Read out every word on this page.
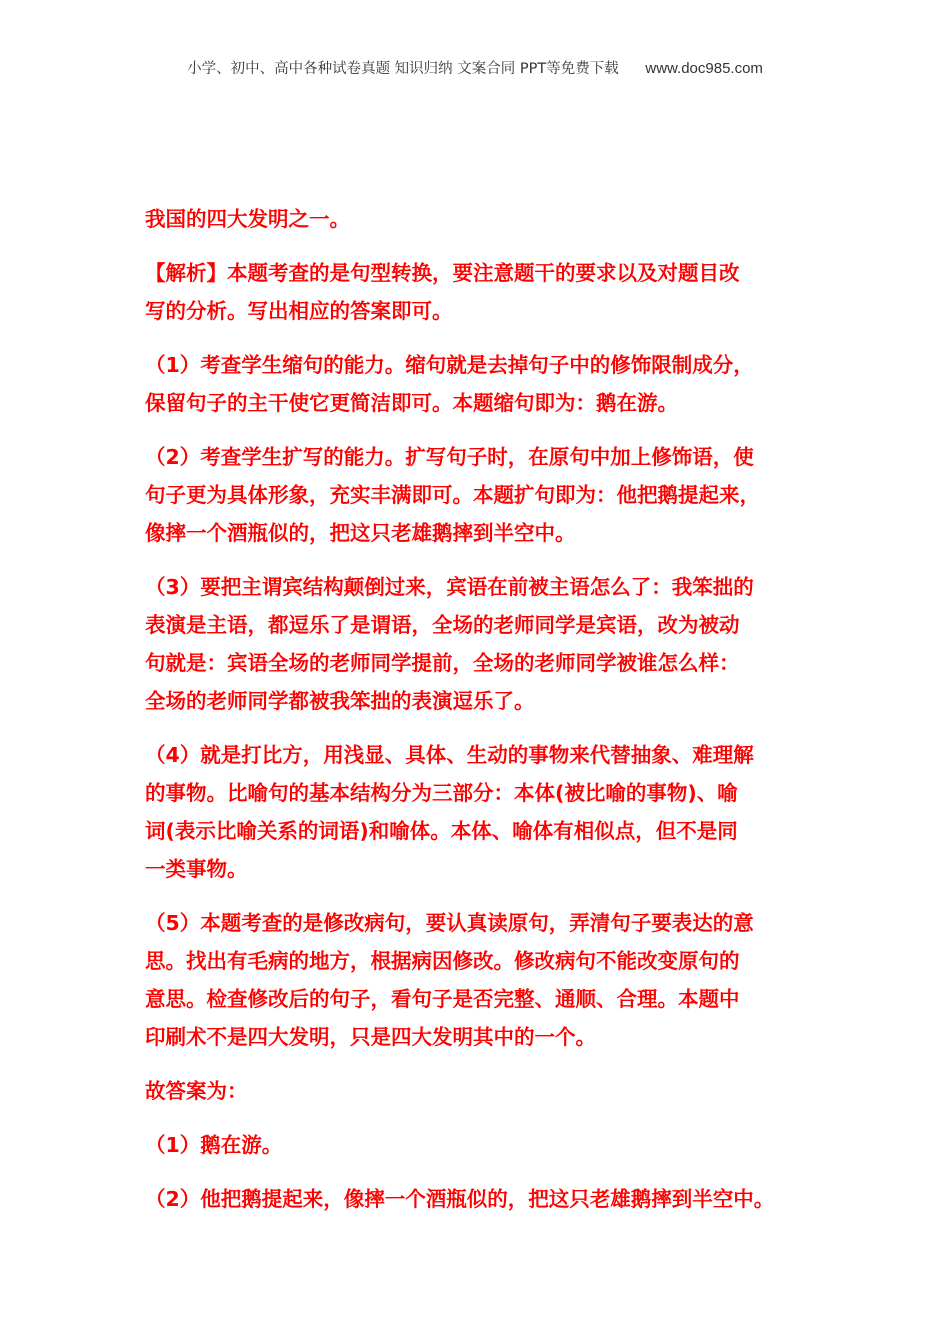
小学、初中、高中各种试卷真题 知识归纳 文案合同 PPT等免费下载 www.doc985.com
我国的四大发明之一。
【解析】本题考查的是句型转换，要注意题干的要求以及对题目改
写的分析。写出相应的答案即可。
（1）考查学生缩句的能力。缩句就是去掉句子中的修饰限制成分，
保留句子的主干使它更简洁即可。本题缩句即为：鹅在游。
（2）考查学生扩写的能力。扩写句子时，在原句中加上修饰语，使
句子更为具体形象，充实丰满即可。本题扩句即为：他把鹅提起来，
像摔一个酒瓶似的，把这只老雄鹅摔到半空中。
（3）要把主谓宾结构颠倒过来，宾语在前被主语怎么了：我笨拙的
表演是主语，都逗乐了是谓语，全场的老师同学是宾语，改为被动
句就是：宾语全场的老师同学提前，全场的老师同学被谁怎么样：
全场的老师同学都被我笨拙的表演逗乐了。
（4）就是打比方，用浅显、具体、生动的事物来代替抽象、难理解
的事物。比喻句的基本结构分为三部分：本体(被比喻的事物)、喻
词(表示比喻关系的词语)和喻体。本体、喻体有相似点，但不是同
一类事物。
（5）本题考查的是修改病句，要认真读原句，弄清句子要表达的意
思。找出有毛病的地方，根据病因修改。修改病句不能改变原句的
意思。检查修改后的句子，看句子是否完整、通顺、合理。本题中
印刷术不是四大发明，只是四大发明其中的一个。
故答案为：
（1）鹅在游。
（2）他把鹅提起来，像摔一个酒瓶似的，把这只老雄鹅摔到半空中。
